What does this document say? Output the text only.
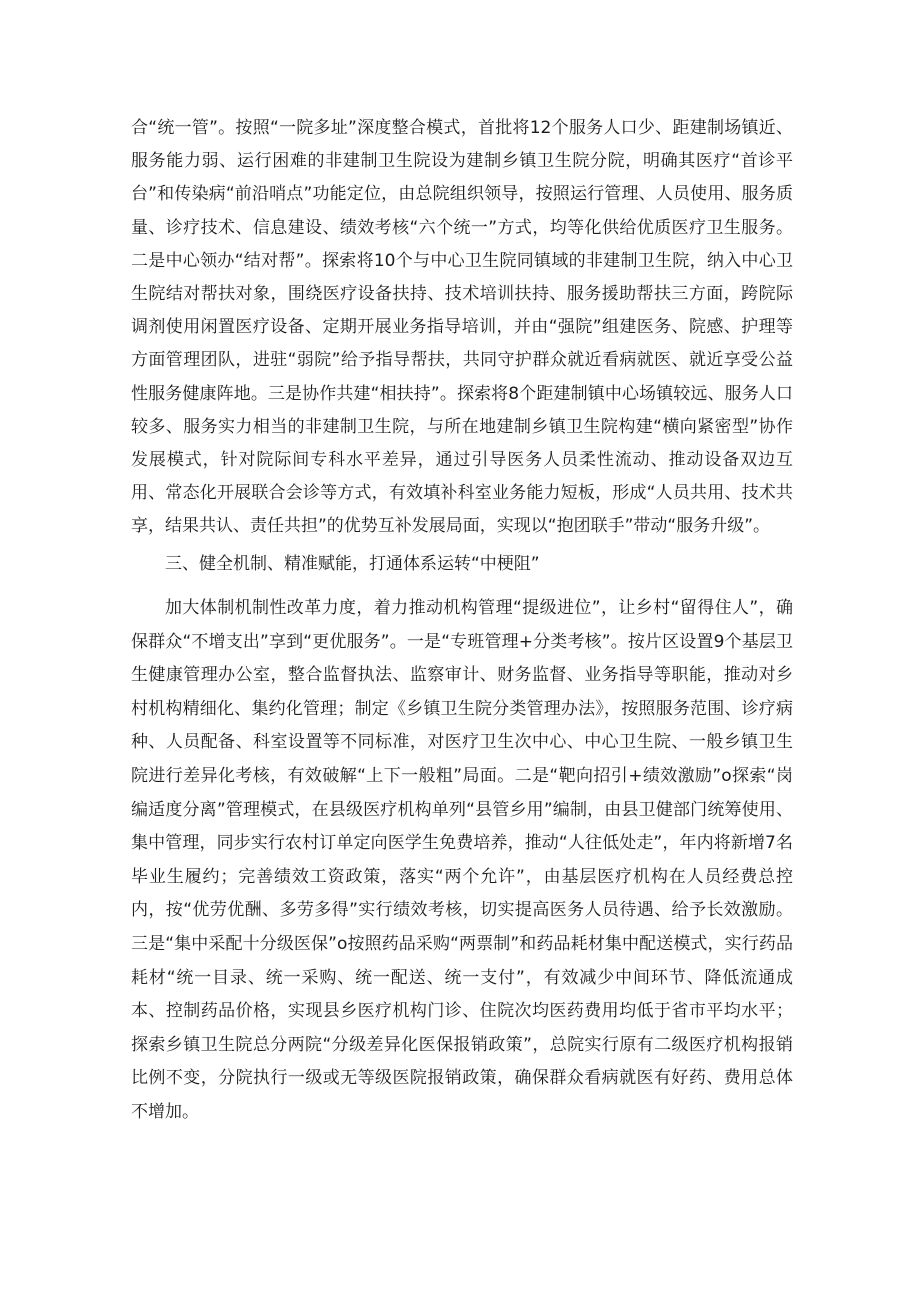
合“统一管”。按照“一院多址”深度整合模式，首批将12个服务人口少、距建制场镇近、服务能力弱、运行困难的非建制卫生院设为建制乡镇卫生院分院，明确其医疗“首诊平台”和传染病“前沿哨点”功能定位，由总院组织领导，按照运行管理、人员使用、服务质量、诊疗技术、信息建设、绩效考核“六个统一”方式，均等化供给优质医疗卫生服务。二是中心领办“结对帮”。探索将10个与中心卫生院同镇域的非建制卫生院，纳入中心卫生院结对帮扶对象，围绕医疗设备扶持、技术培训扶持、服务援助帮扶三方面，跨院际调剂使用闲置医疗设备、定期开展业务指导培训，并由“强院”组建医务、院感、护理等方面管理团队，进驻“弱院”给予指导帮扶，共同守护群众就近看病就医、就近享受公益性服务健康阵地。三是协作共建“相扶持”。探索将8个距建制镇中心场镇较远、服务人口较多、服务实力相当的非建制卫生院，与所在地建制乡镇卫生院构建“横向紧密型”协作发展模式，针对院际间专科水平差异，通过引导医务人员柔性流动、推动设备双边互用、常态化开展联合会诊等方式，有效填补科室业务能力短板，形成“人员共用、技术共享，结果共认、责任共担”的优势互补发展局面，实现以“抱团联手”带动“服务升级”。

三、健全机制、精准赋能，打通体系运转“中梗阻”

加大体制机制性改革力度，着力推动机构管理“提级进位”，让乡村“留得住人”，确保群众“不增支出”享到“更优服务”。一是“专班管理+分类考核”。按片区设置9个基层卫生健康管理办公室，整合监督执法、监察审计、财务监督、业务指导等职能，推动对乡村机构精细化、集约化管理；制定《乡镇卫生院分类管理办法》，按照服务范围、诊疗病种、人员配备、科室设置等不同标准，对医疗卫生次中心、中心卫生院、一般乡镇卫生院进行差异化考核，有效破解“上下一般粗”局面。二是“靶向招引+绩效激励”o探索“岗编适度分离”管理模式，在县级医疗机构单列“县管乡用”编制，由县卫健部门统筹使用、集中管理，同步实行农村订单定向医学生免费培养，推动“人往低处走”，年内将新增7名毕业生履约；完善绩效工资政策，落实“两个允许”，由基层医疗机构在人员经费总控内，按“优劳优酬、多劳多得”实行绩效考核，切实提高医务人员待遇、给予长效激励。三是“集中采配十分级医保”o按照药品采购“两票制”和药品耗材集中配送模式，实行药品耗材“统一目录、统一采购、统一配送、统一支付”，有效减少中间环节、降低流通成本、控制药品价格，实现县乡医疗机构门诊、住院次均医药费用均低于省市平均水平；探索乡镇卫生院总分两院“分级差异化医保报销政策”，总院实行原有二级医疗机构报销比例不变，分院执行一级或无等级医院报销政策，确保群众看病就医有好药、费用总体不增加。
